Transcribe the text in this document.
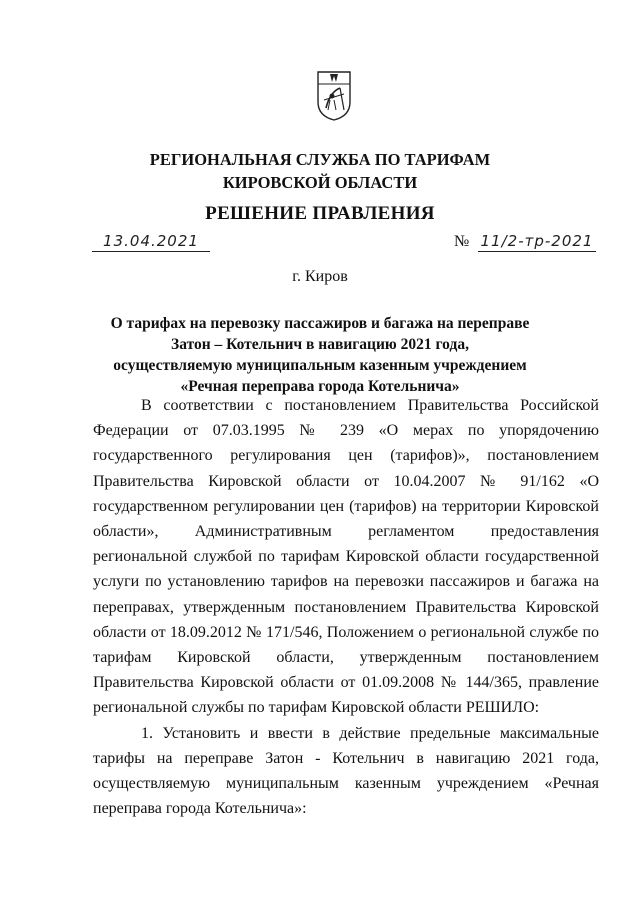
РЕГИОНАЛЬНАЯ СЛУЖБА ПО ТАРИФАМ
КИРОВСКОЙ ОБЛАСТИ
РЕШЕНИЕ ПРАВЛЕНИЯ
13.04.2021	№ 11/2-тр-2021
г. Киров
О тарифах на перевозку пассажиров и багажа на переправе
Затон – Котельнич в навигацию 2021 года,
осуществляемую муниципальным казенным учреждением
«Речная переправа города Котельнича»

В соответствии с постановлением Правительства Российской Федерации от 07.03.1995 № 239 «О мерах по упорядочению государственного регулирования цен (тарифов)», постановлением Правительства Кировской области от 10.04.2007 № 91/162 «О государственном регулировании цен (тарифов) на территории Кировской области», Административным регламентом предоставления региональной службой по тарифам Кировской области государственной услуги по установлению тарифов на перевозки пассажиров и багажа на переправах, утвержденным постановлением Правительства Кировской области от 18.09.2012 № 171/546, Положением о региональной службе по тарифам Кировской области, утвержденным постановлением Правительства Кировской области от 01.09.2008 № 144/365, правление региональной службы по тарифам Кировской области РЕШИЛО:

1. Установить и ввести в действие предельные максимальные тарифы на переправе Затон - Котельнич в навигацию 2021 года, осуществляемую муниципальным казенным учреждением «Речная переправа города Котельнича»:
